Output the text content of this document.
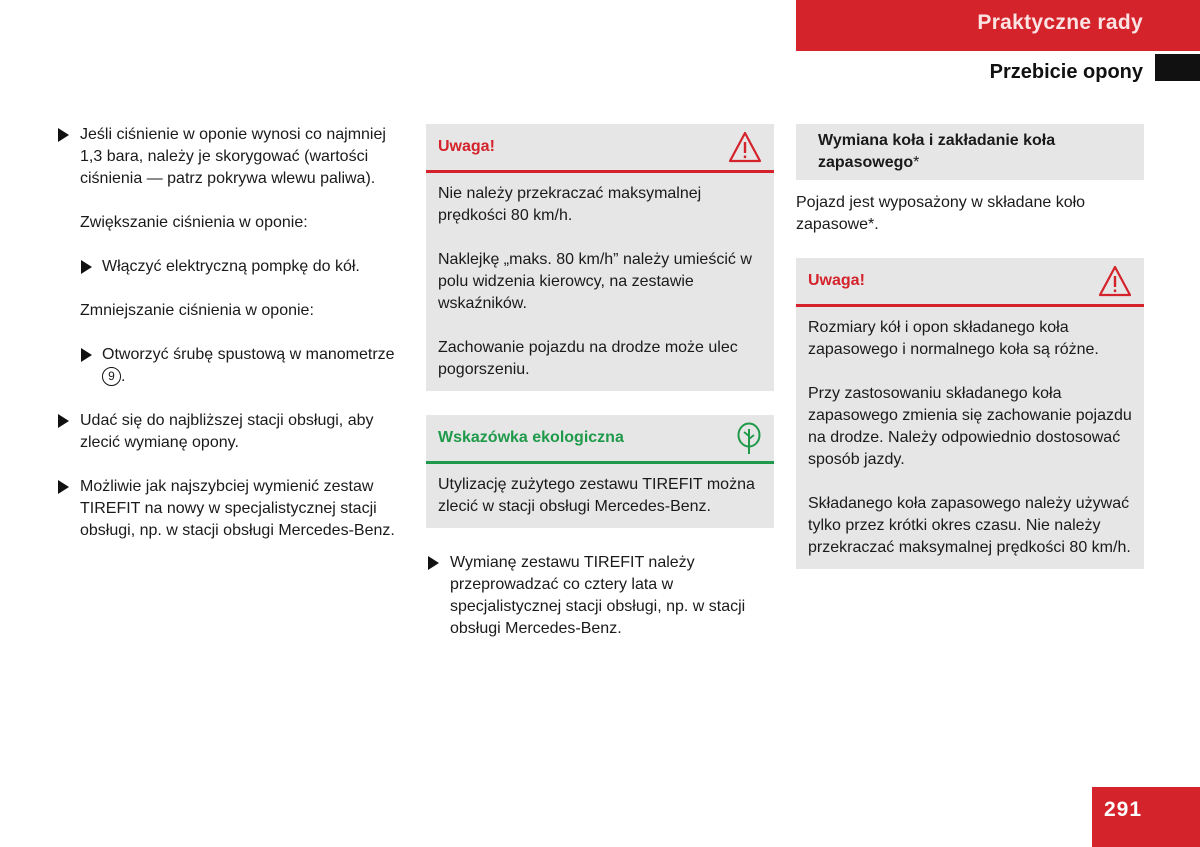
Praktyczne rady
Przebicie opony
Jeśli ciśnienie w oponie wynosi co najmniej 1,3 bara, należy je skorygować (wartości ciśnienia — patrz pokrywa wlewu paliwa).
Zwiększanie ciśnienia w oponie:
Włączyć elektryczną pompkę do kół.
Zmniejszanie ciśnienia w oponie:
Otworzyć śrubę spustową w manometrze 9 .
Udać się do najbliższej stacji obsługi, aby zlecić wymianę opony.
Możliwie jak najszybciej wymienić zestaw TIREFIT na nowy w specjalistycznej stacji obsługi, np. w stacji obsługi Mercedes-Benz.
Uwaga!

Nie należy przekraczać maksymalnej prędkości 80 km/h.

Naklejkę „maks. 80 km/h” należy umieścić w polu widzenia kierowcy, na zestawie wskaźników.

Zachowanie pojazdu na drodze może ulec pogorszeniu.

Wskazówka ekologiczna

Utylizację zużytego zestawu TIREFIT można zlecić w stacji obsługi Mercedes-Benz.

Wymianę zestawu TIREFIT należy przeprowadzać co cztery lata w specjalistycznej stacji obsługi, np. w stacji obsługi Mercedes-Benz.
Wymiana koła i zakładanie koła zapasowego*

Pojazd jest wyposażony w składane koło zapasowe*.

Uwaga!

Rozmiary kół i opon składanego koła zapasowego i normalnego koła są różne.

Przy zastosowaniu składanego koła zapasowego zmienia się zachowanie pojazdu na drodze. Należy odpowiednio dostosować sposób jazdy.

Składanego koła zapasowego należy używać tylko przez krótki okres czasu. Nie należy przekraczać maksymalnej prędkości 80 km/h.

291
